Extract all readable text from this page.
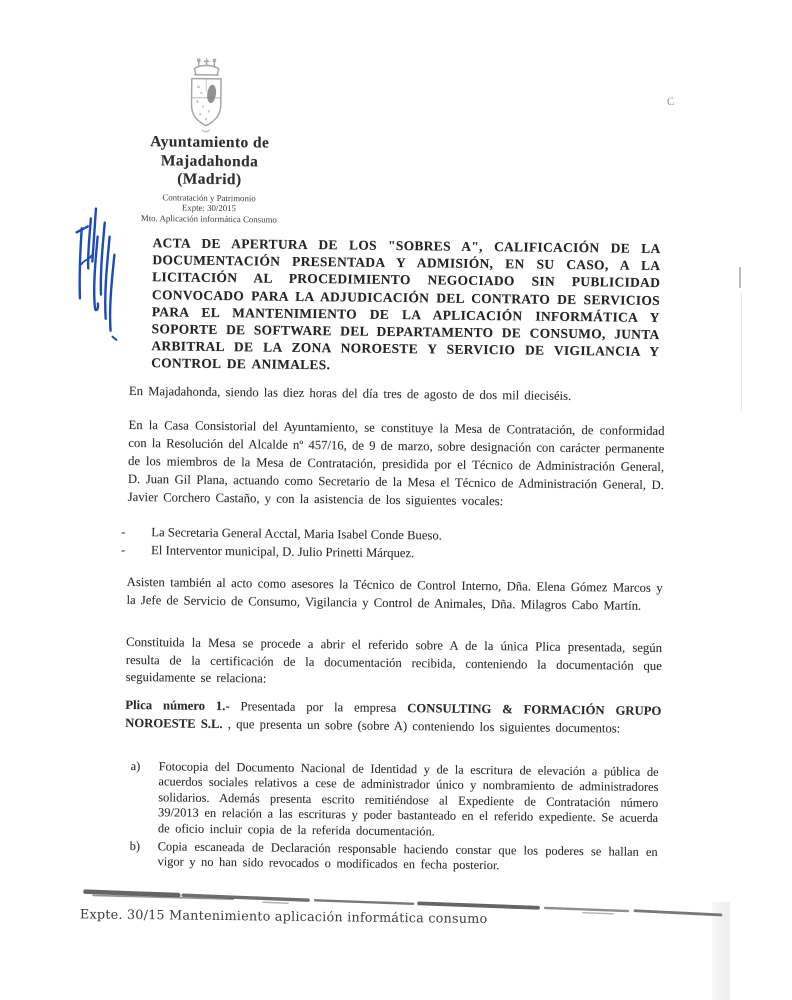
Ayuntamiento de
Majadahonda
(Madrid)
Contratación y Patrimonio
Expte: 30/2015
Mto. Aplicación informática Consumo
ACTA DE APERTURA DE LOS "SOBRES A", CALIFICACIÓN DE LA DOCUMENTACIÓN PRESENTADA Y ADMISIÓN, EN SU CASO, A LA LICITACIÓN AL PROCEDIMIENTO NEGOCIADO SIN PUBLICIDAD CONVOCADO PARA LA ADJUDICACIÓN DEL CONTRATO DE SERVICIOS PARA EL MANTENIMIENTO DE LA APLICACIÓN INFORMÁTICA Y SOPORTE DE SOFTWARE DEL DEPARTAMENTO DE CONSUMO, JUNTA ARBITRAL DE LA ZONA NOROESTE Y SERVICIO DE VIGILANCIA Y CONTROL DE ANIMALES.
En Majadahonda, siendo las diez horas del día tres de agosto de dos mil dieciséis.
En la Casa Consistorial del Ayuntamiento, se constituye la Mesa de Contratación, de conformidad con la Resolución del Alcalde nº 457/16, de 9 de marzo, sobre designación con carácter permanente de los miembros de la Mesa de Contratación, presidida por el Técnico de Administración General, D. Juan Gil Plana, actuando como Secretario de la Mesa el Técnico de Administración General, D. Javier Corchero Castaño, y con la asistencia de los siguientes vocales:
-	La Secretaria General Acctal, Maria Isabel Conde Bueso.
-	El Interventor municipal, D. Julio Prinetti Márquez.
Asisten también al acto como asesores la Técnico de Control Interno, Dña. Elena Gómez Marcos y la Jefe de Servicio de Consumo, Vigilancia y Control de Animales, Dña. Milagros Cabo Martín.
Constituida la Mesa se procede a abrir el referido sobre A de la única Plica presentada, según resulta de la certificación de la documentación recibida, conteniendo la documentación que seguidamente se relaciona:
Plica número 1.- Presentada por la empresa CONSULTING & FORMACIÓN GRUPO NOROESTE S.L. , que presenta un sobre (sobre A) conteniendo los siguientes documentos:
a)	Fotocopia del Documento Nacional de Identidad y de la escritura de elevación a pública de acuerdos sociales relativos a cese de administrador único y nombramiento de administradores solidarios. Además presenta escrito remitiéndose al Expediente de Contratación número 39/2013 en relación a las escrituras y poder bastanteado en el referido expediente. Se acuerda de oficio incluir copia de la referida documentación.
b)	Copia escaneada de Declaración responsable haciendo constar que los poderes se hallan en vigor y no han sido revocados o modificados en fecha posterior.
Expte. 30/15 Mantenimiento aplicación informática consumo
C
